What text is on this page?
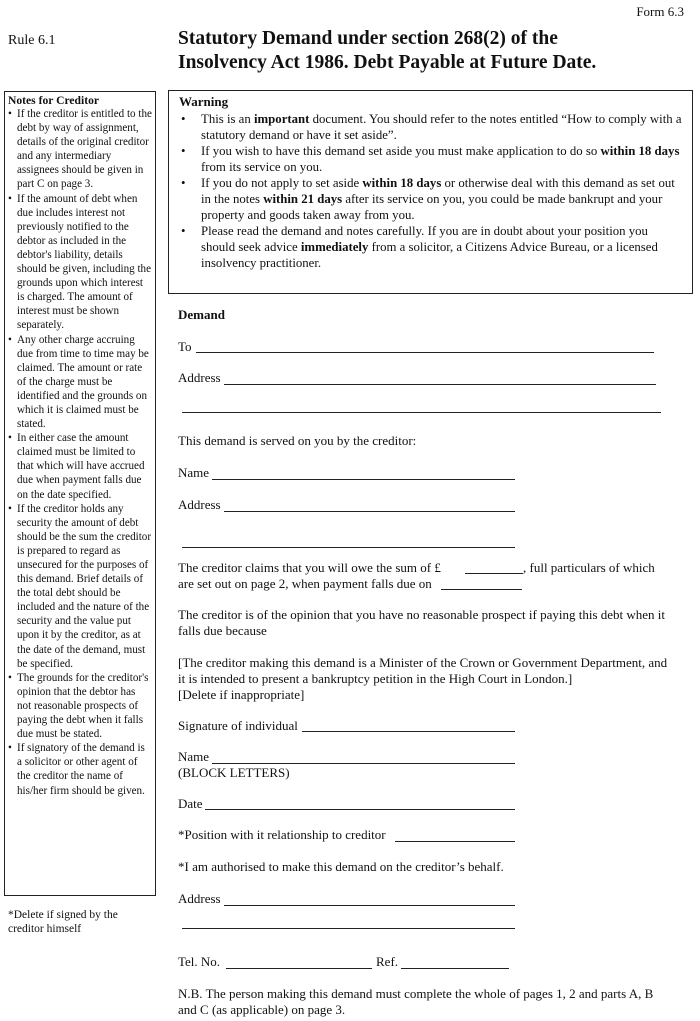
Form 6.3
Rule 6.1	Statutory Demand under section 268(2) of the
Insolvency Act 1986. Debt Payable at Future Date.
Notes for Creditor
• If the creditor is entitled to the debt by way of assignment, details of the original creditor and any intermediary assignees should be given in part C on page 3.
• If the amount of debt when due includes interest not previously notified to the debtor as included in the debtor's liability, details should be given, including the grounds upon which interest is charged. The amount of interest must be shown separately.
• Any other charge accruing due from time to time may be claimed. The amount or rate of the charge must be identified and the grounds on which it is claimed must be stated.
• In either case the amount claimed must be limited to that which will have accrued due when payment falls due on the date specified.
• If the creditor holds any security the amount of debt should be the sum the creditor is prepared to regard as unsecured for the purposes of this demand. Brief details of the total debt should be included and the nature of the security and the value put upon it by the creditor, as at the date of the demand, must be specified.
• The grounds for the creditor's opinion that the debtor has not reasonable prospects of paying the debt when it falls due must be stated.
• If signatory of the demand is a solicitor or other agent of the creditor the name of his/her firm should be given.
*Delete if signed by the creditor himself
Warning
• This is an important document. You should refer to the notes entitled “How to comply with a statutory demand or have it set aside”.
• If you wish to have this demand set aside you must make application to do so within 18 days from its service on you.
• If you do not apply to set aside within 18 days or otherwise deal with this demand as set out in the notes within 21 days after its service on you, you could be made bankrupt and your property and goods taken away from you.
• Please read the demand and notes carefully. If you are in doubt about your position you should seek advice immediately from a solicitor, a Citizens Advice Bureau, or a licensed insolvency practitioner.
Demand
To
Address
This demand is served on you by the creditor:
Name
Address
The creditor claims that you will owe the sum of £	, full particulars of which
are set out on page 2, when payment falls due on
The creditor is of the opinion that you have no reasonable prospect if paying this debt when it falls due because
[The creditor making this demand is a Minister of the Crown or Government Department, and it is intended to present a bankruptcy petition in the High Court in London.]
[Delete if inappropriate]
Signature of individual
Name
(BLOCK LETTERS)
Date
*Position with it relationship to creditor
*I am authorised to make this demand on the creditor’s behalf.
Address
Tel. No.	Ref.
N.B. The person making this demand must complete the whole of pages 1, 2 and parts A, B and C (as applicable) on page 3.
